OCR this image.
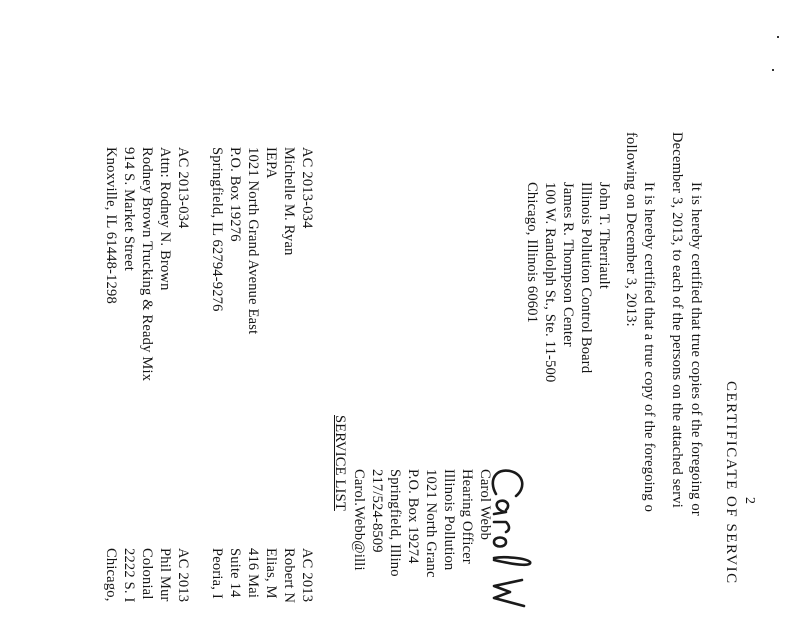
2
CERTIFICATE OF SERVIC
It is hereby certified that true copies of the foregoing or
December 3, 2013, to each of the persons on the attached servi
It is hereby certified that a true copy of the foregoing o
following on December 3, 2013:
John T. Therriault
Illinois Pollution Control Board
James R. Thompson Center
100 W. Randolph St., Ste. 11-500
Chicago, Illinois 60601
Carol Webb
Hearing Officer
Illinois Pollution
1021 North Granc
P.O. Box 19274
Springfield, Illino
217/524-8509
Carol.Webb@illi
SERVICE LIST
AC 2013-034
Michelle M. Ryan
IEPA
1021 North Grand Avenue East
P.O. Box 19276
Springfield, IL 62794-9276
AC 2013-034
Attn: Rodney N. Brown
Rodney Brown Trucking & Ready Mix
914 S. Market Street
Knoxville, IL 61448-1298
AC 2013
Robert N
Elias, M
416 Mai
Suite 14
Peoria, I
AC 2013
Phil Mur
Colonial
2222 S. I
Chicago,
